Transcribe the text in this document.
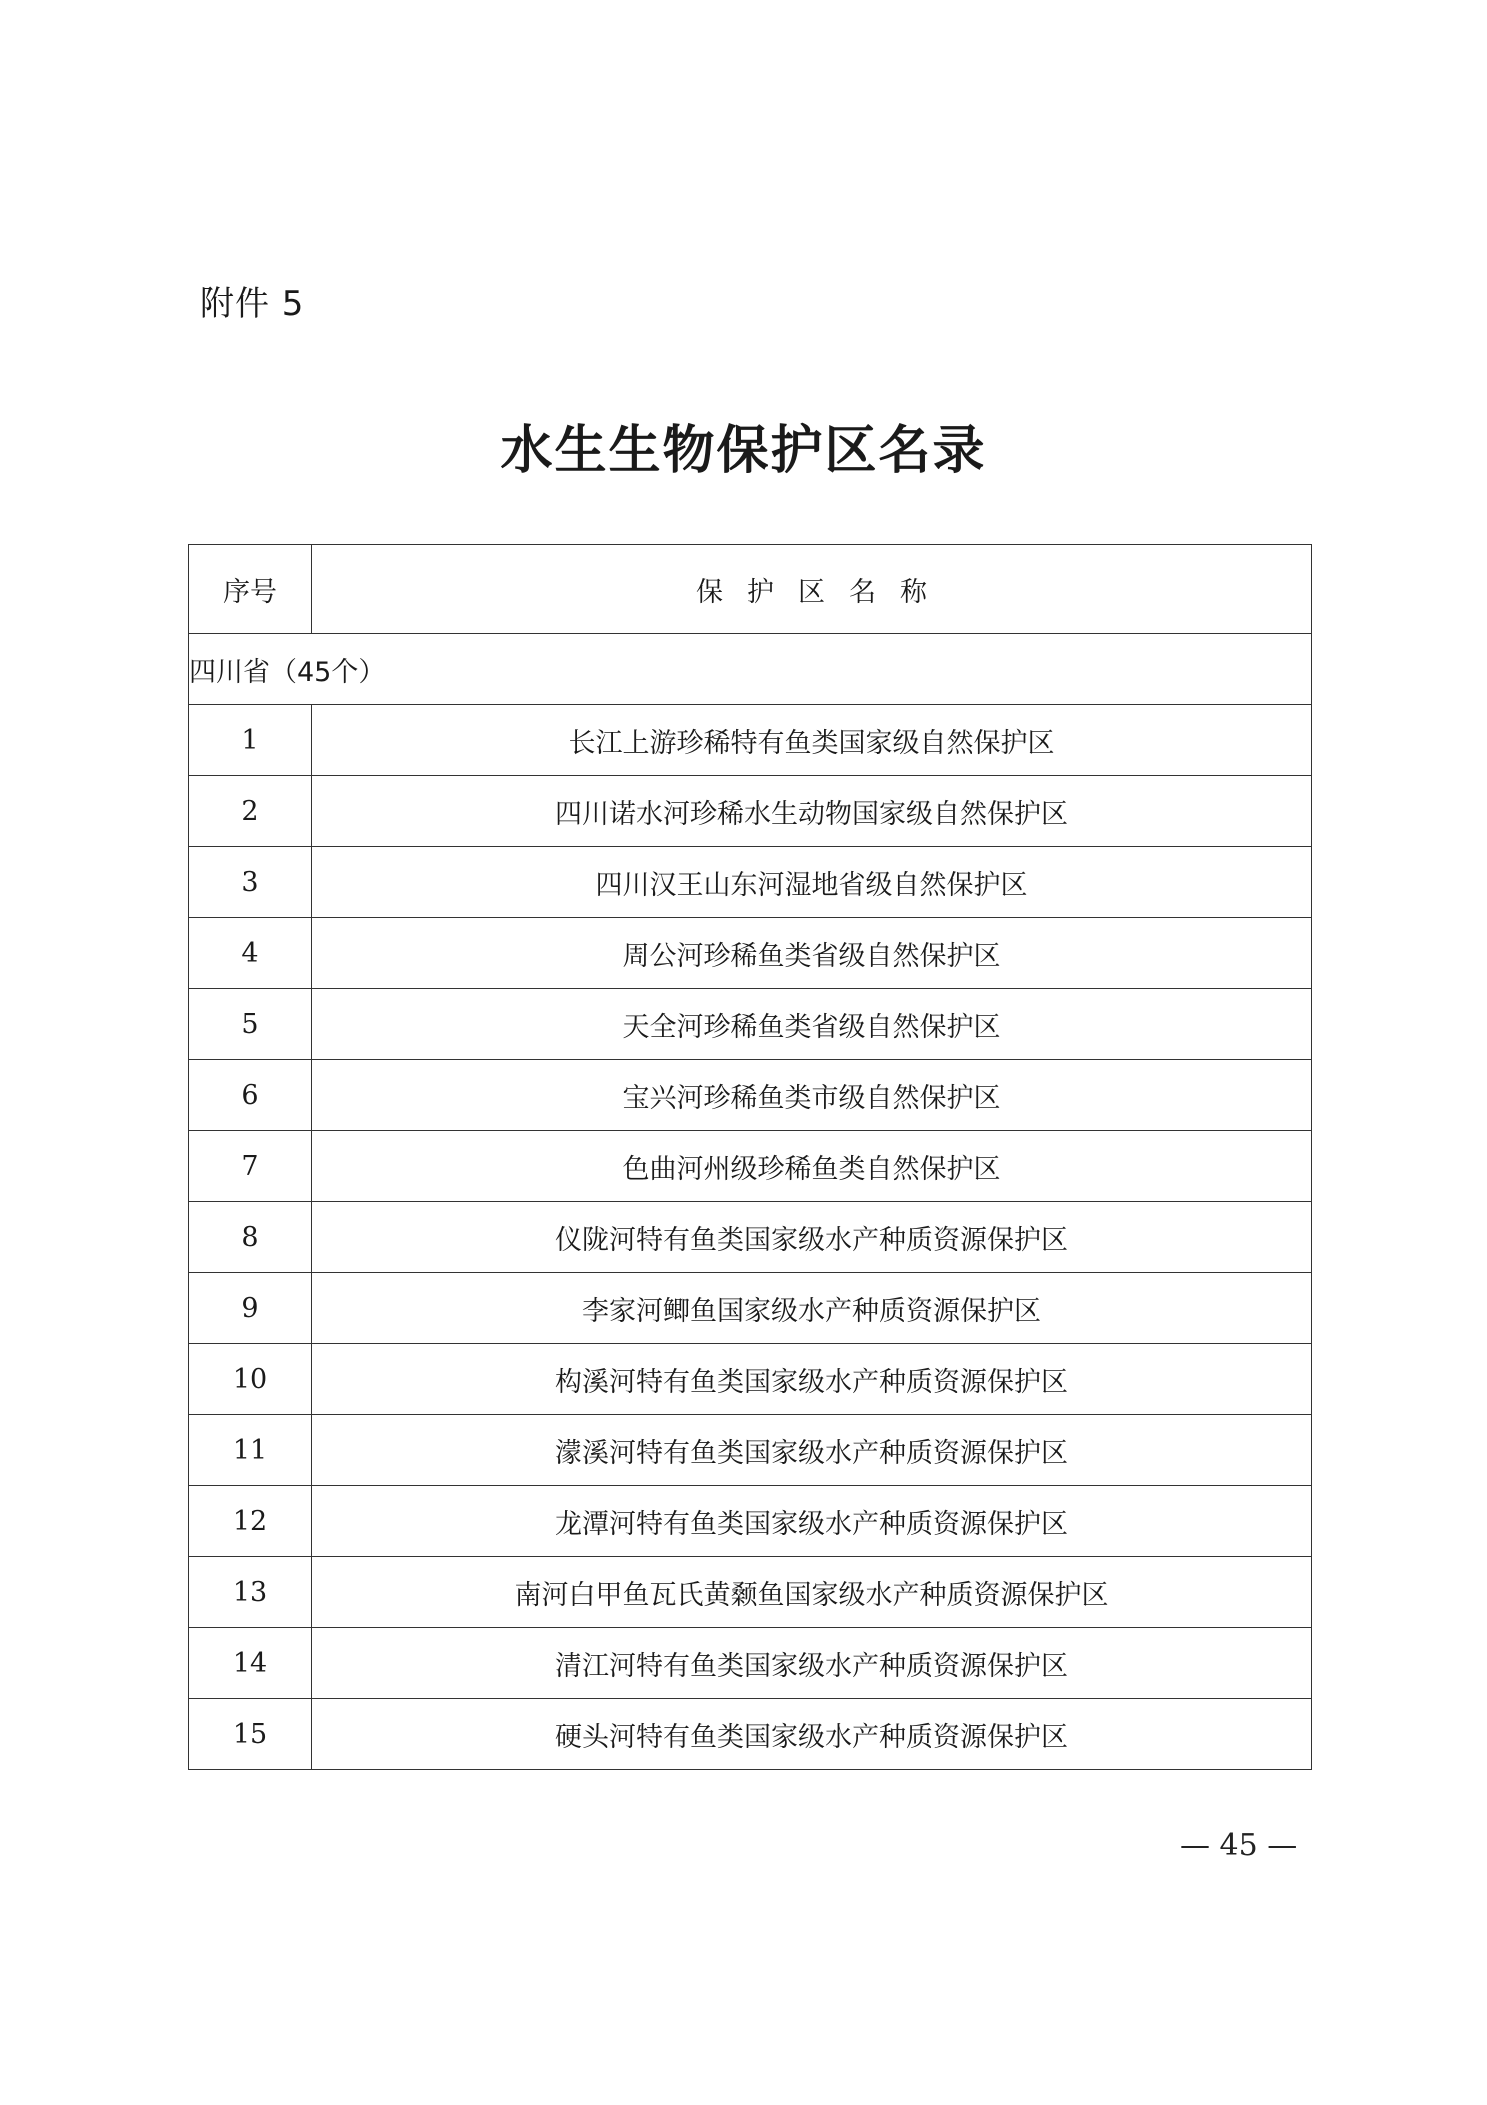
附件 5
水生生物保护区名录
序号	保护区名称
四川省（45个）	
1	长江上游珍稀特有鱼类国家级自然保护区
2	四川诺水河珍稀水生动物国家级自然保护区
3	四川汉王山东河湿地省级自然保护区
4	周公河珍稀鱼类省级自然保护区
5	天全河珍稀鱼类省级自然保护区
6	宝兴河珍稀鱼类市级自然保护区
7	色曲河州级珍稀鱼类自然保护区
8	仪陇河特有鱼类国家级水产种质资源保护区
9	李家河鲫鱼国家级水产种质资源保护区
10	构溪河特有鱼类国家级水产种质资源保护区
11	濛溪河特有鱼类国家级水产种质资源保护区
12	龙潭河特有鱼类国家级水产种质资源保护区
13	南河白甲鱼瓦氏黄颡鱼国家级水产种质资源保护区
14	清江河特有鱼类国家级水产种质资源保护区
15	硬头河特有鱼类国家级水产种质资源保护区
— 45 —
